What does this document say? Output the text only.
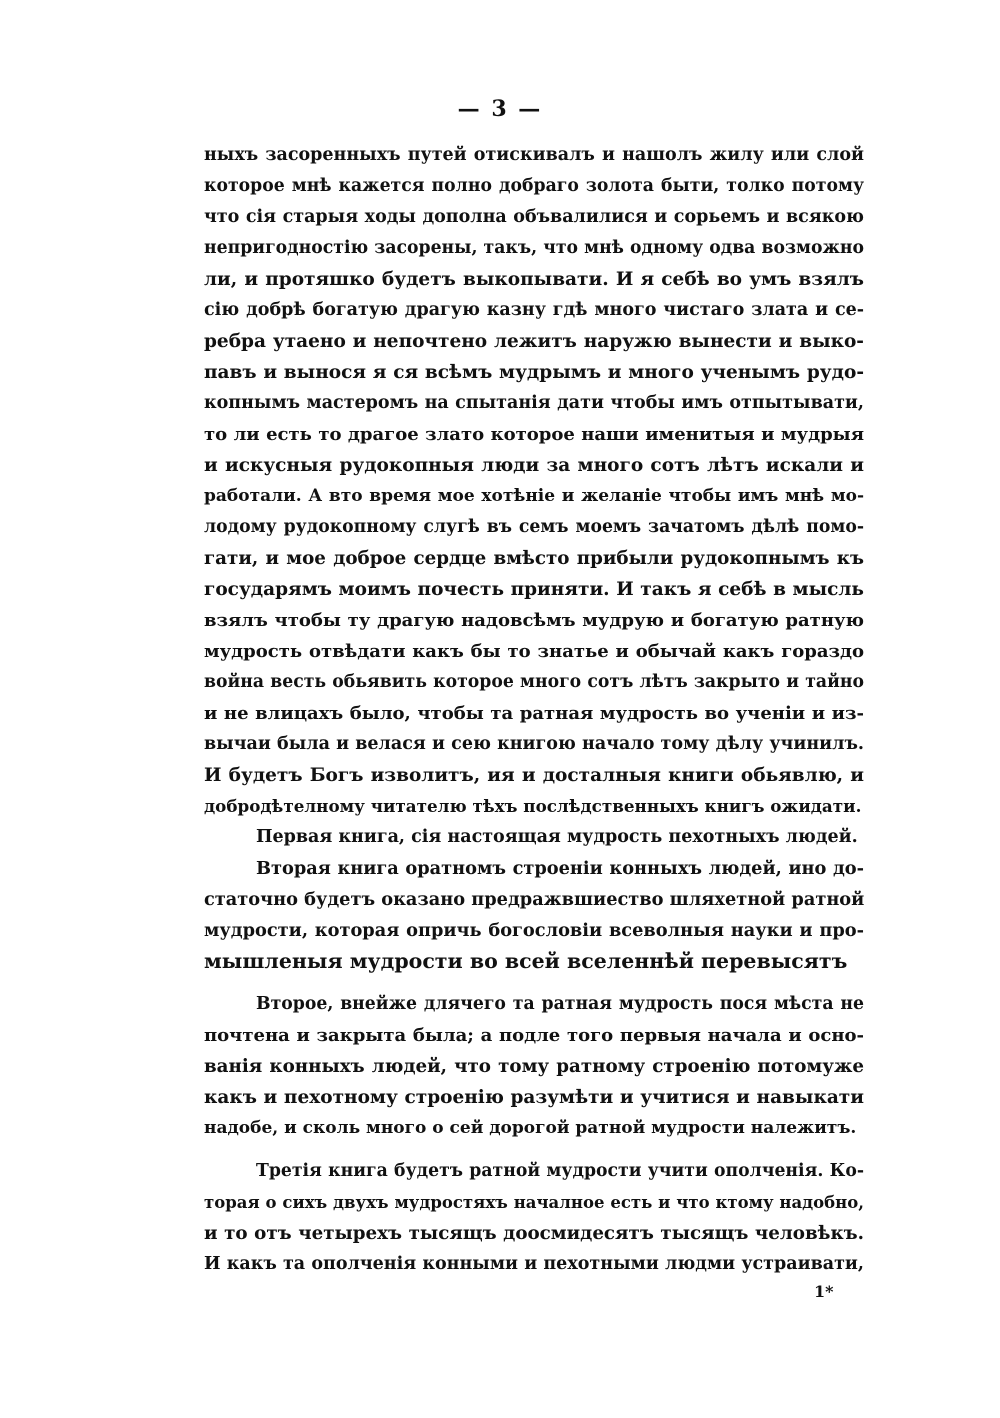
— 3 —
ныхъ засоренныхъ путей отискивалъ и нашолъ жилу или слой
которое мнѣ кажется полно добраго золота быти, толко потому
что сія старыя ходы дополна объвалилися и сорьемъ и всякою
непригодностію засорены, такъ, что мнѣ одному одва возможно
ли, и протяшко будетъ выкопывати. И я себѣ во умъ взялъ
сію добрѣ богатую драгую казну гдѣ много чистаго злата и се-
ребра утаено и непочтено лежитъ наружю вынести и выко-
павъ и вынося я ся всѣмъ мудрымъ и много ученымъ рудо-
копнымъ мастеромъ на спытанія дати чтобы имъ отпытывати,
то ли есть то драгое злато которое наши именитыя и мудрыя
и искусныя рудокопныя люди за много сотъ лѣтъ искали и
работали. А вто время мое хотѣніе и желаніе чтобы имъ мнѣ мо-
лодому рудокопному слугѣ въ семъ моемъ зачатомъ дѣлѣ помо-
гати, и мое доброе сердце вмѣсто прибыли рудокопнымъ къ
государямъ моимъ почесть приняти. И такъ я себѣ в мысль
взялъ чтобы ту драгую надовсѣмъ мудрую и богатую ратную
мудрость отвѣдати какъ бы то знатье и обычай какъ гораздо
война весть обьявить которое много сотъ лѣтъ закрыто и тайно
и не влицахъ было, чтобы та ратная мудрость во ученіи и из-
вычаи была и велася и сею книгою начало тому дѣлу учинилъ.
И будетъ Богъ изволитъ, ия и досталныя книги обьявлю, и
добродѣтелному читателю тѣхъ послѣдственныхъ книгъ ожидати.
Первая книга, сія настоящая мудрость пехотныхъ людей.
Вторая книга оратномъ строеніи конныхъ людей, ино до-
статочно будетъ оказано предражвшиество шляхетной ратной
мудрости, которая опричь богословіи всеволныя науки и про-
мышленыя мудрости во всей вселеннѣй перевысятъ
Второе, внейже длячего та ратная мудрость пося мѣста не
почтена и закрыта была; а подле того первыя начала и осно-
ванія конныхъ людей, что тому ратному строенію потомуже
какъ и пехотному строенію разумѣти и учитися и навыкати
надобе, и сколь много о сей дорогой ратной мудрости належитъ.
Третія книга будетъ ратной мудрости учити ополченія. Ко-
торая о сихъ двухъ мудростяхъ началное есть и что ктому надобно,
и то отъ четырехъ тысящъ доосмидесятъ тысящъ человѣкъ.
И какъ та ополченія конными и пехотными людми устраивати,
1*
